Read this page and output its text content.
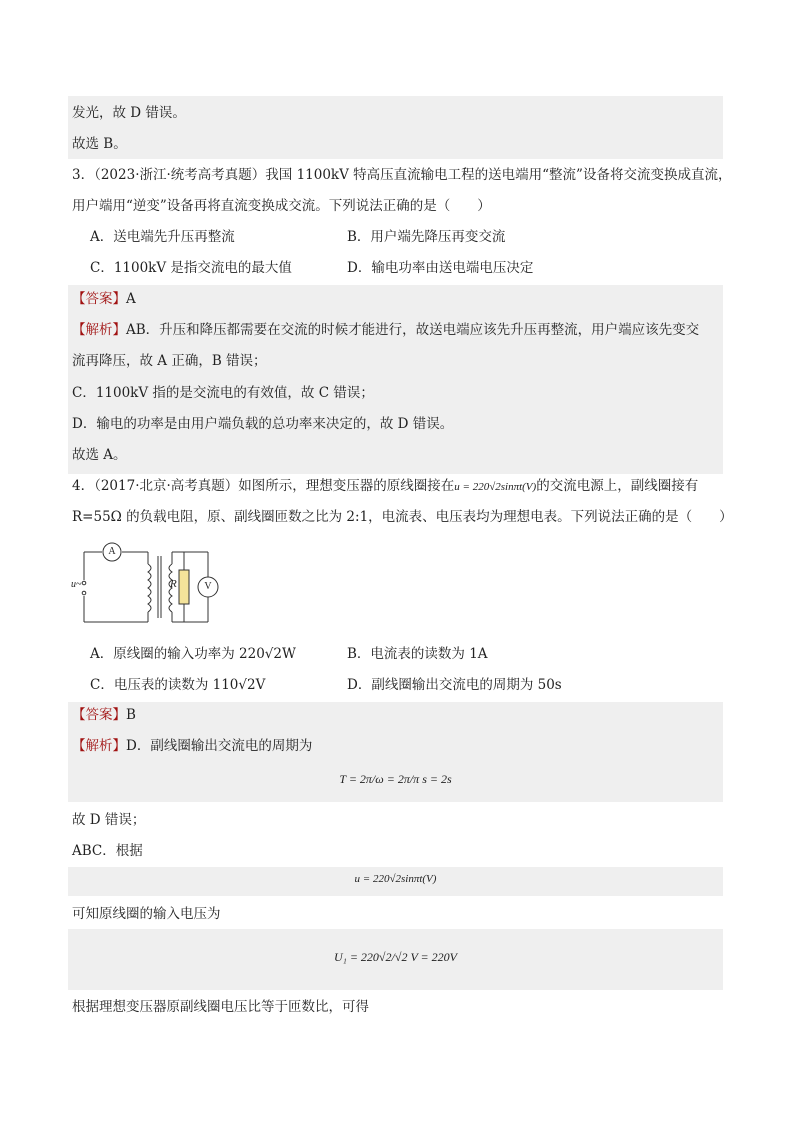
发光，故 D 错误。
故选 B。
3．（2023·浙江·统考高考真题）我国 1100kV 特高压直流输电工程的送电端用“整流”设备将交流变换成直流，
用户端用“逆变”设备再将直流变换成交流。下列说法正确的是（　　）
A．送电端先升压再整流	B．用户端先降压再变交流
C．1100kV 是指交流电的最大值	D．输电功率由送电端电压决定
【答案】A
【解析】AB．升压和降压都需要在交流的时候才能进行，故送电端应该先升压再整流，用户端应该先变交
流再降压，故 A 正确，B 错误；
C．1100kV 指的是交流电的有效值，故 C 错误；
D．输电的功率是由用户端负载的总功率来决定的，故 D 错误。
故选 A。
4．（2017·北京·高考真题）如图所示，理想变压器的原线圈接在u = 220√2sinπt(V)的交流电源上，副线圈接有
R=55Ω 的负载电阻，原、副线圈匝数之比为 2:1，电流表、电压表均为理想电表。下列说法正确的是（　　）
A
V
R
u~
A．原线圈的输入功率为 220√2W	B．电流表的读数为 1A
C．电压表的读数为 110√2V	D．副线圈输出交流电的周期为 50s
【答案】B
【解析】D．副线圈输出交流电的周期为
T = 2π/ω = 2π/π s = 2s
故 D 错误；
ABC．根据
u = 220√2sinπt(V)
可知原线圈的输入电压为
U₁ = 220√2/√2 V = 220V
根据理想变压器原副线圈电压比等于匝数比，可得
